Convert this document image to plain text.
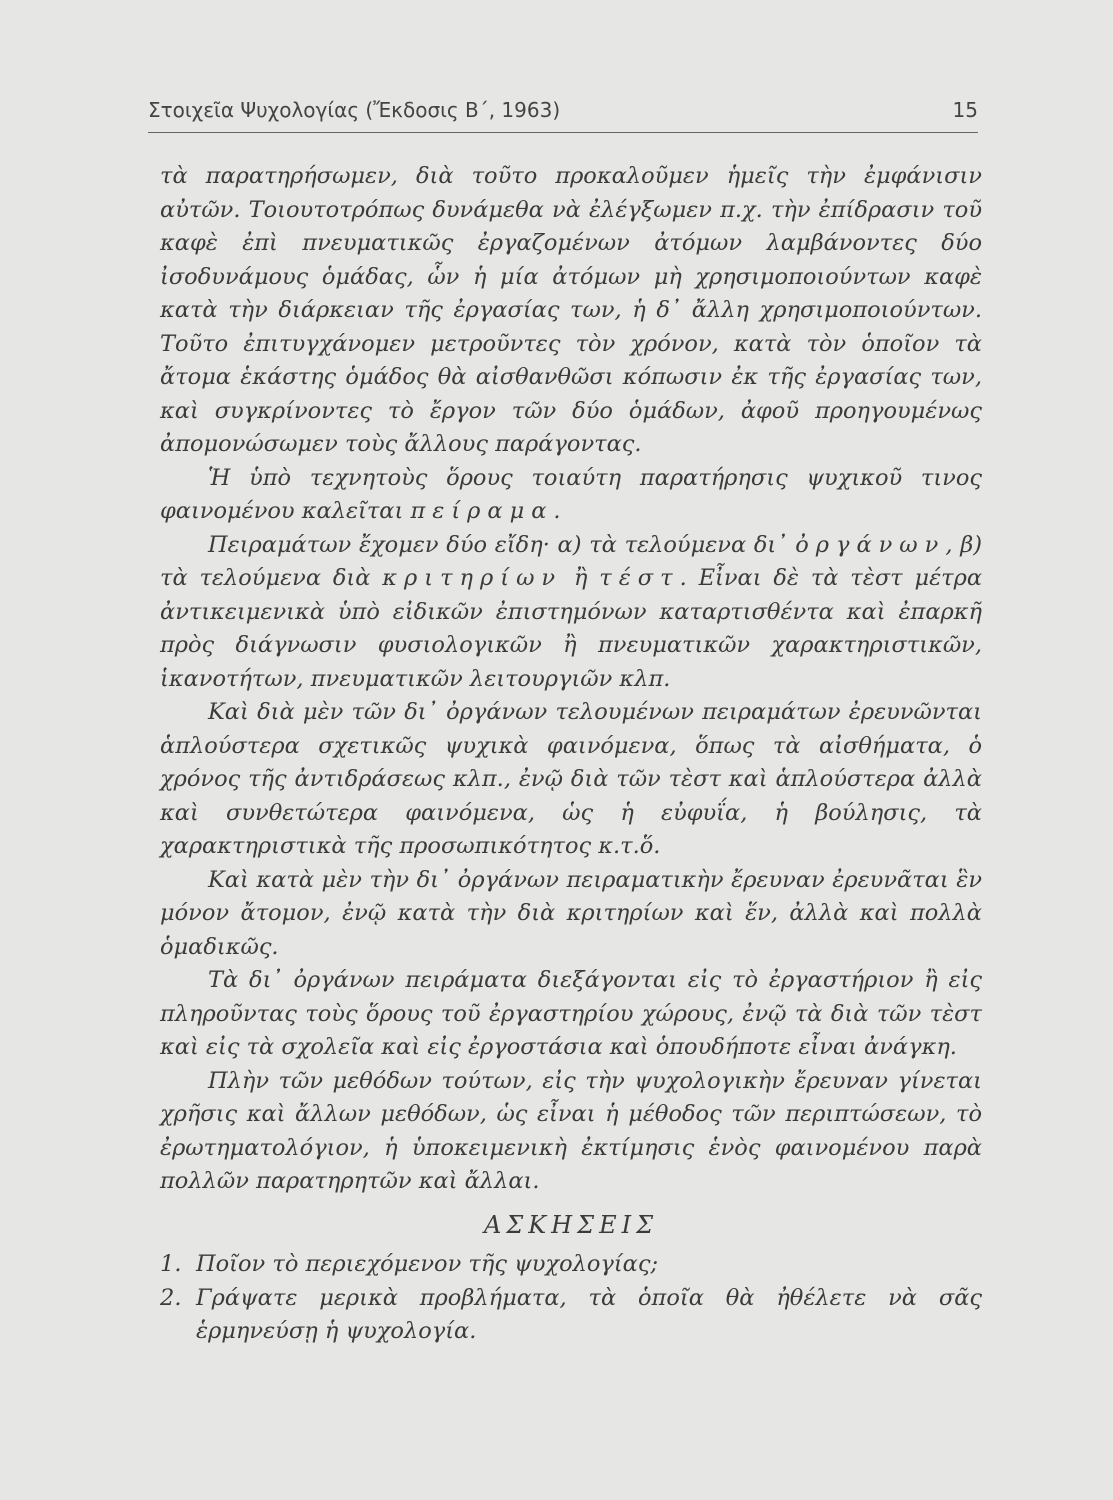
Στοιχεῖα Ψυχολογίας (Ἔκδοσις Β΄, 1963)	15

τὰ παρατηρήσωμεν, διὰ τοῦτο προκαλοῦμεν ἡμεῖς τὴν ἐμφάνισιν αὐτῶν. Τοιουτοτρόπως δυνάμεθα νὰ ἐλέγξωμεν π.χ. τὴν ἐπίδρασιν τοῦ καφὲ ἐπὶ πνευματικῶς ἐργαζομένων ἀτόμων λαμβάνοντες δύο ἰσοδυνάμους ὁμάδας, ὧν ἡ μία ἀτόμων μὴ χρησιμοποιούντων καφὲ κατὰ τὴν διάρκειαν τῆς ἐργασίας των, ἡ δ᾽ ἄλλη χρησιμοποιούντων. Τοῦτο ἐπιτυγχάνομεν μετροῦντες τὸν χρόνον, κατὰ τὸν ὁποῖον τὰ ἄτομα ἑκάστης ὁμάδος θὰ αἰσθανθῶσι κόπωσιν ἐκ τῆς ἐργασίας των, καὶ συγκρίνοντες τὸ ἔργον τῶν δύο ὁμάδων, ἀφοῦ προηγουμένως ἀπομονώσωμεν τοὺς ἄλλους παράγοντας.

Ἡ ὑπὸ τεχνητοὺς ὅρους τοιαύτη παρατήρησις ψυχικοῦ τινος φαινομένου καλεῖται πείραμα.

Πειραμάτων ἔχομεν δύο εἴδη· α) τὰ τελούμενα δι᾽ ὀργάνων, β) τὰ τελούμενα διὰ κριτηρίων ἢ τέστ. Εἶναι δὲ τὰ τὲστ μέτρα ἀντικειμενικὰ ὑπὸ εἰδικῶν ἐπιστημόνων καταρτισθέντα καὶ ἐπαρκῆ πρὸς διάγνωσιν φυσιολογικῶν ἢ πνευματικῶν χαρακτηριστικῶν, ἱκανοτήτων, πνευματικῶν λειτουργιῶν κλπ.

Καὶ διὰ μὲν τῶν δι᾽ ὀργάνων τελουμένων πειραμάτων ἐρευνῶνται ἁπλούστερα σχετικῶς ψυχικὰ φαινόμενα, ὅπως τὰ αἰσθήματα, ὁ χρόνος τῆς ἀντιδράσεως κλπ., ἐνῷ διὰ τῶν τὲστ καὶ ἁπλούστερα ἀλλὰ καὶ συνθετώτερα φαινόμενα, ὡς ἡ εὐφυΐα, ἡ βούλησις, τὰ χαρακτηριστικὰ τῆς προσωπικότητος κ.τ.ὅ.

Καὶ κατὰ μὲν τὴν δι᾽ ὀργάνων πειραματικὴν ἔρευναν ἐρευνᾶται ἓν μόνον ἄτομον, ἐνῷ κατὰ τὴν διὰ κριτηρίων καὶ ἕν, ἀλλὰ καὶ πολλὰ ὁμαδικῶς.

Τὰ δι᾽ ὀργάνων πειράματα διεξάγονται εἰς τὸ ἐργαστήριον ἢ εἰς πληροῦντας τοὺς ὅρους τοῦ ἐργαστηρίου χώρους, ἐνῷ τὰ διὰ τῶν τὲστ καὶ εἰς τὰ σχολεῖα καὶ εἰς ἐργοστάσια καὶ ὁπουδήποτε εἶναι ἀνάγκη.

Πλὴν τῶν μεθόδων τούτων, εἰς τὴν ψυχολογικὴν ἔρευναν γίνεται χρῆσις καὶ ἄλλων μεθόδων, ὡς εἶναι ἡ μέθοδος τῶν περιπτώσεων, τὸ ἐρωτηματολόγιον, ἡ ὑποκειμενικὴ ἐκτίμησις ἑνὸς φαινομένου παρὰ πολλῶν παρατηρητῶν καὶ ἄλλαι.

ΑΣΚΗΣΕΙΣ
1. Ποῖον τὸ περιεχόμενον τῆς ψυχολογίας;
2. Γράψατε μερικὰ προβλήματα, τὰ ὁποῖα θὰ ἠθέλετε νὰ σᾶς ἑρμηνεύσῃ ἡ ψυχολογία.
